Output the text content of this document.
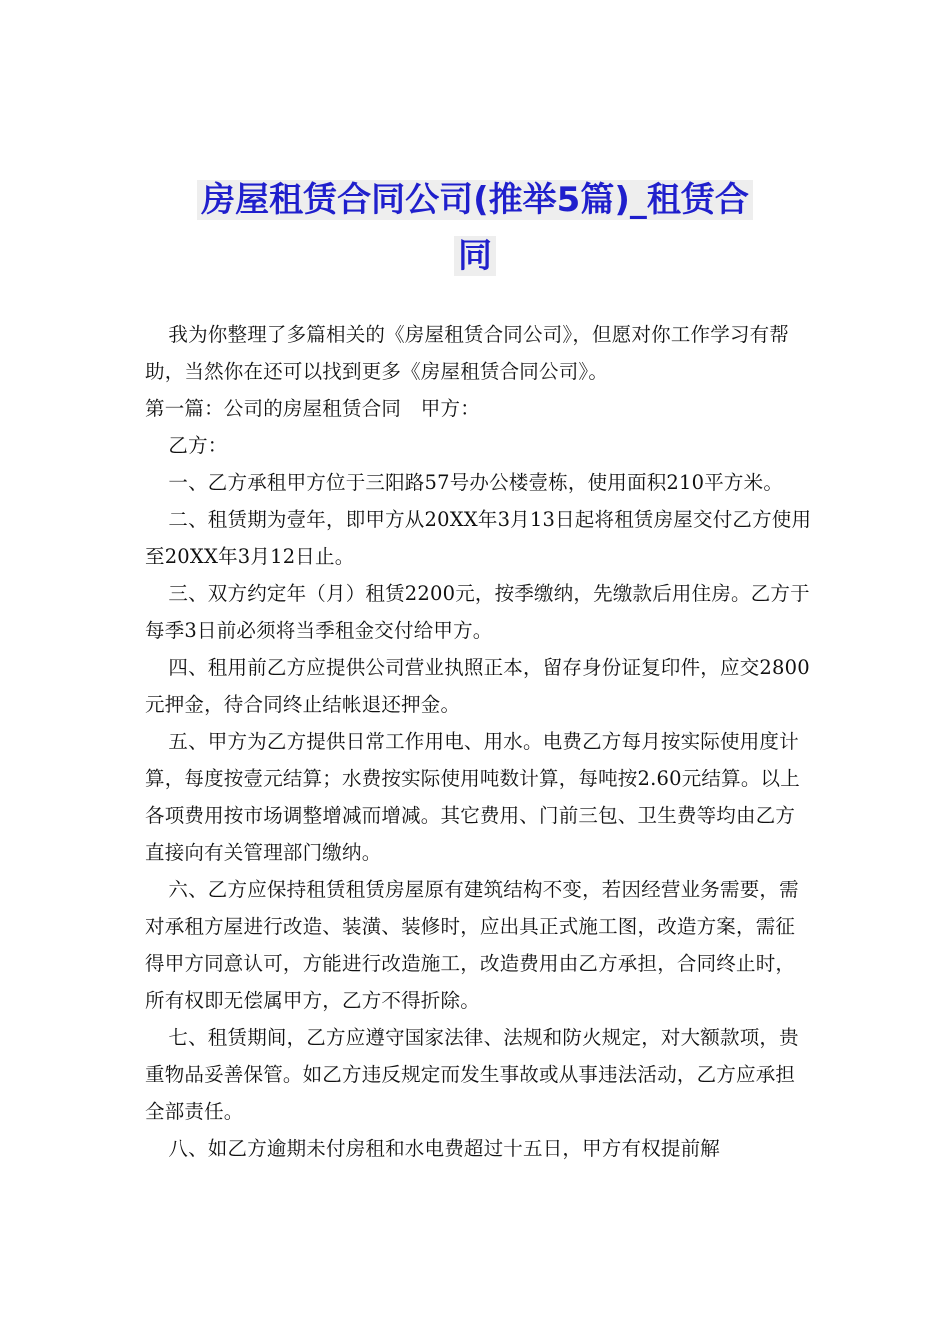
房屋租赁合同公司(推举5篇)_租赁合
同

我为你整理了多篇相关的《房屋租赁合同公司》，但愿对你工作学习有帮助，当然你在还可以找到更多《房屋租赁合同公司》。

第一篇：公司的房屋租赁合同　甲方：

乙方：

一、乙方承租甲方位于三阳路57号办公楼壹栋，使用面积210平方米。

二、租赁期为壹年，即甲方从20XX年3月13日起将租赁房屋交付乙方使用至20XX年3月12日止。

三、双方约定年（月）租赁2200元，按季缴纳，先缴款后用住房。乙方于每季3日前必须将当季租金交付给甲方。

四、租用前乙方应提供公司营业执照正本，留存身份证复印件，应交2800元押金，待合同终止结帐退还押金。

五、甲方为乙方提供日常工作用电、用水。电费乙方每月按实际使用度计算，每度按壹元结算；水费按实际使用吨数计算，每吨按2.60元结算。以上各项费用按市场调整增减而增减。其它费用、门前三包、卫生费等均由乙方直接向有关管理部门缴纳。

六、乙方应保持租赁租赁房屋原有建筑结构不变，若因经营业务需要，需对承租方屋进行改造、装潢、装修时，应出具正式施工图，改造方案，需征得甲方同意认可，方能进行改造施工，改造费用由乙方承担，合同终止时，所有权即无偿属甲方，乙方不得折除。

七、租赁期间，乙方应遵守国家法律、法规和防火规定，对大额款项，贵重物品妥善保管。如乙方违反规定而发生事故或从事违法活动，乙方应承担全部责任。

八、如乙方逾期未付房租和水电费超过十五日，甲方有权提前解
